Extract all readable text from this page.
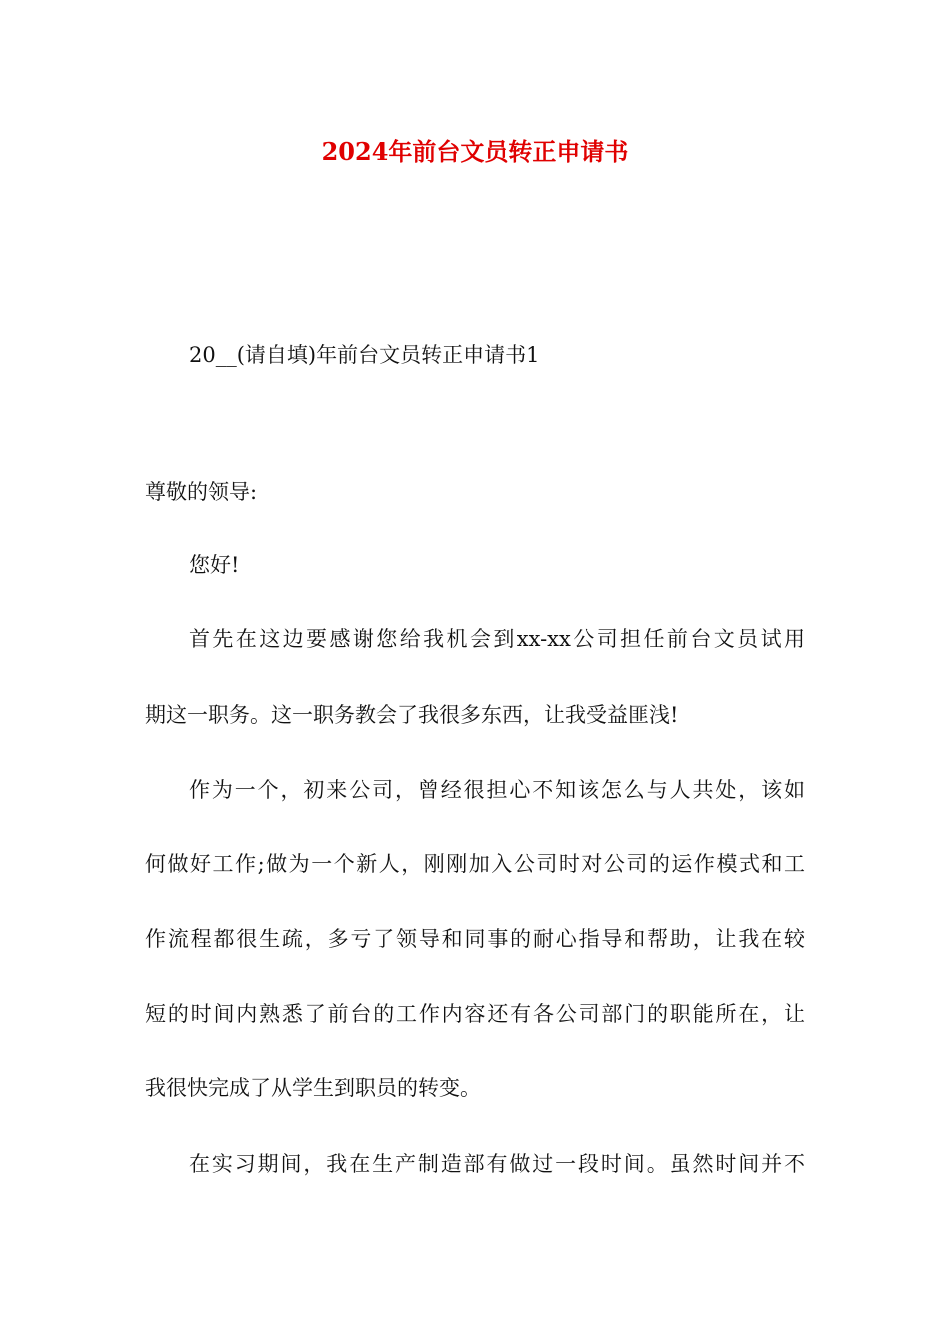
2024年前台文员转正申请书
20__(请自填)年前台文员转正申请书1
尊敬的领导:
您好!
首先在这边要感谢您给我机会到xx-xx公司担任前台文员试用
期这一职务。这一职务教会了我很多东西，让我受益匪浅!
作为一个，初来公司，曾经很担心不知该怎么与人共处，该如
何做好工作;做为一个新人，刚刚加入公司时对公司的运作模式和工
作流程都很生疏，多亏了领导和同事的耐心指导和帮助，让我在较
短的时间内熟悉了前台的工作内容还有各公司部门的职能所在，让
我很快完成了从学生到职员的转变。
在实习期间，我在生产制造部有做过一段时间。虽然时间并不
